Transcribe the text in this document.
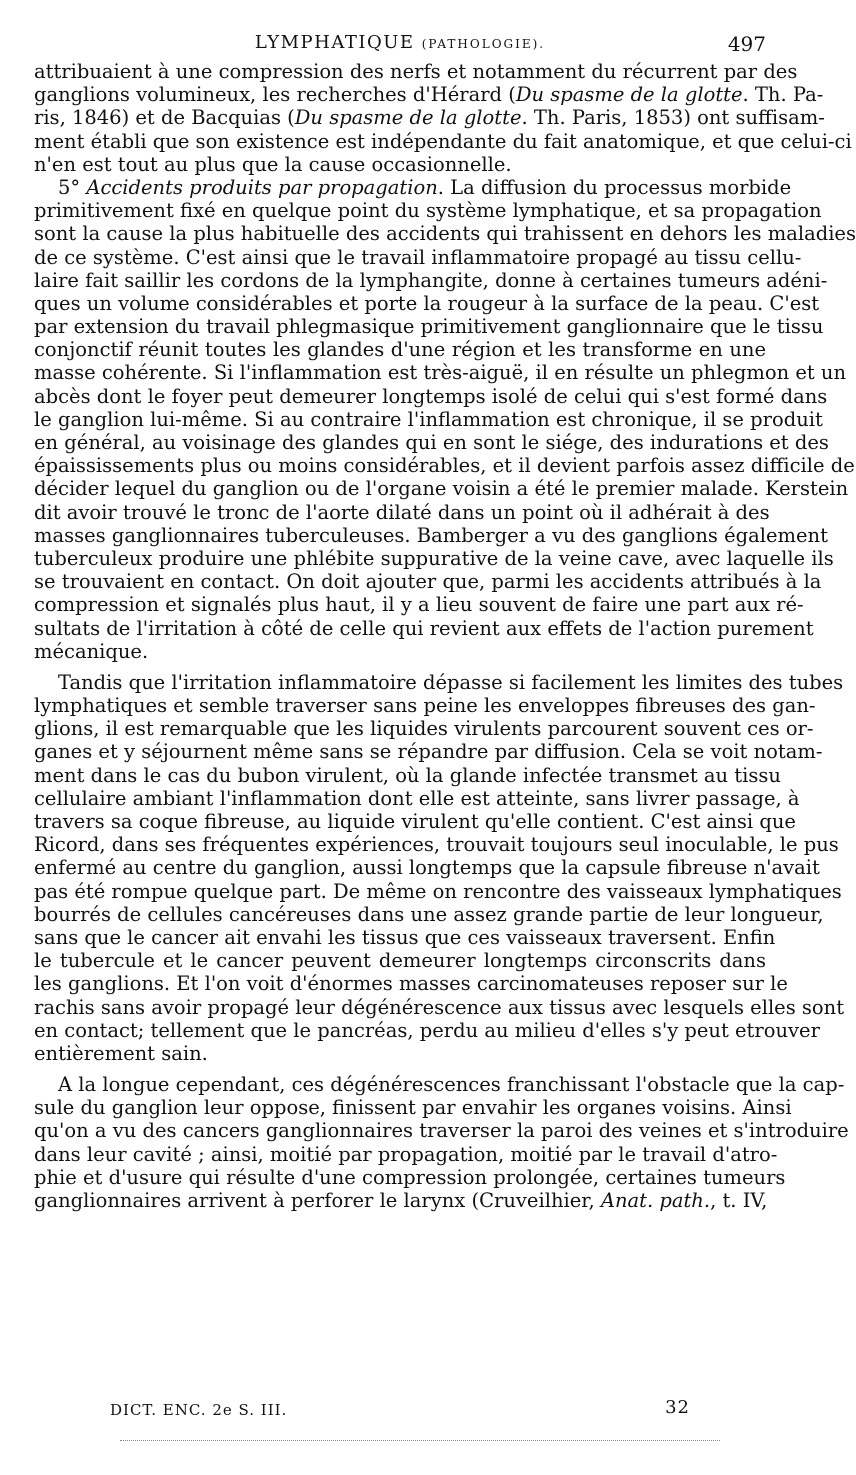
LYMPHATIQUE (PATHOLOGIE).	497
attribuaient à une compression des nerfs et notamment du récurrent par des
ganglions volumineux, les recherches d'Hérard (Du spasme de la glotte. Th. Pa-
ris, 1846) et de Bacquias (Du spasme de la glotte. Th. Paris, 1853) ont suffisam-
ment établi que son existence est indépendante du fait anatomique, et que celui-ci
n'en est tout au plus que la cause occasionnelle.
5° Accidents produits par propagation. La diffusion du processus morbide
primitivement fixé en quelque point du système lymphatique, et sa propagation
sont la cause la plus habituelle des accidents qui trahissent en dehors les maladies
de ce système. C'est ainsi que le travail inflammatoire propagé au tissu cellu-
laire fait saillir les cordons de la lymphangite, donne à certaines tumeurs adéni-
ques un volume considérables et porte la rougeur à la surface de la peau. C'est
par extension du travail phlegmasique primitivement ganglionnaire que le tissu
conjonctif réunit toutes les glandes d'une région et les transforme en une
masse cohérente. Si l'inflammation est très-aiguë, il en résulte un phlegmon et un
abcès dont le foyer peut demeurer longtemps isolé de celui qui s'est formé dans
le ganglion lui-même. Si au contraire l'inflammation est chronique, il se produit
en général, au voisinage des glandes qui en sont le siége, des indurations et des
épaississements plus ou moins considérables, et il devient parfois assez difficile de
décider lequel du ganglion ou de l'organe voisin a été le premier malade. Kerstein
dit avoir trouvé le tronc de l'aorte dilaté dans un point où il adhérait à des
masses ganglionnaires tuberculeuses. Bamberger a vu des ganglions également
tuberculeux produire une phlébite suppurative de la veine cave, avec laquelle ils
se trouvaient en contact. On doit ajouter que, parmi les accidents attribués à la
compression et signalés plus haut, il y a lieu souvent de faire une part aux ré-
sultats de l'irritation à côté de celle qui revient aux effets de l'action purement
mécanique.
Tandis que l'irritation inflammatoire dépasse si facilement les limites des tubes
lymphatiques et semble traverser sans peine les enveloppes fibreuses des gan-
glions, il est remarquable que les liquides virulents parcourent souvent ces or-
ganes et y séjournent même sans se répandre par diffusion. Cela se voit notam-
ment dans le cas du bubon virulent, où la glande infectée transmet au tissu
cellulaire ambiant l'inflammation dont elle est atteinte, sans livrer passage, à
travers sa coque fibreuse, au liquide virulent qu'elle contient. C'est ainsi que
Ricord, dans ses fréquentes expériences, trouvait toujours seul inoculable, le pus
enfermé au centre du ganglion, aussi longtemps que la capsule fibreuse n'avait
pas été rompue quelque part. De même on rencontre des vaisseaux lymphatiques
bourrés de cellules cancéreuses dans une assez grande partie de leur longueur,
sans que le cancer ait envahi les tissus que ces vaisseaux traversent. Enfin
le tubercule et le cancer peuvent demeurer longtemps circonscrits dans
les ganglions. Et l'on voit d'énormes masses carcinomateuses reposer sur le
rachis sans avoir propagé leur dégénérescence aux tissus avec lesquels elles sont
en contact; tellement que le pancréas, perdu au milieu d'elles s'y peut etrouver
entièrement sain.
A la longue cependant, ces dégénérescences franchissant l'obstacle que la cap-
sule du ganglion leur oppose, finissent par envahir les organes voisins. Ainsi
qu'on a vu des cancers ganglionnaires traverser la paroi des veines et s'introduire
dans leur cavité ; ainsi, moitié par propagation, moitié par le travail d'atro-
phie et d'usure qui résulte d'une compression prolongée, certaines tumeurs
ganglionnaires arrivent à perforer le larynx (Cruveilhier, Anat. path., t. IV,
DICT. ENC. 2e S. III.	32
